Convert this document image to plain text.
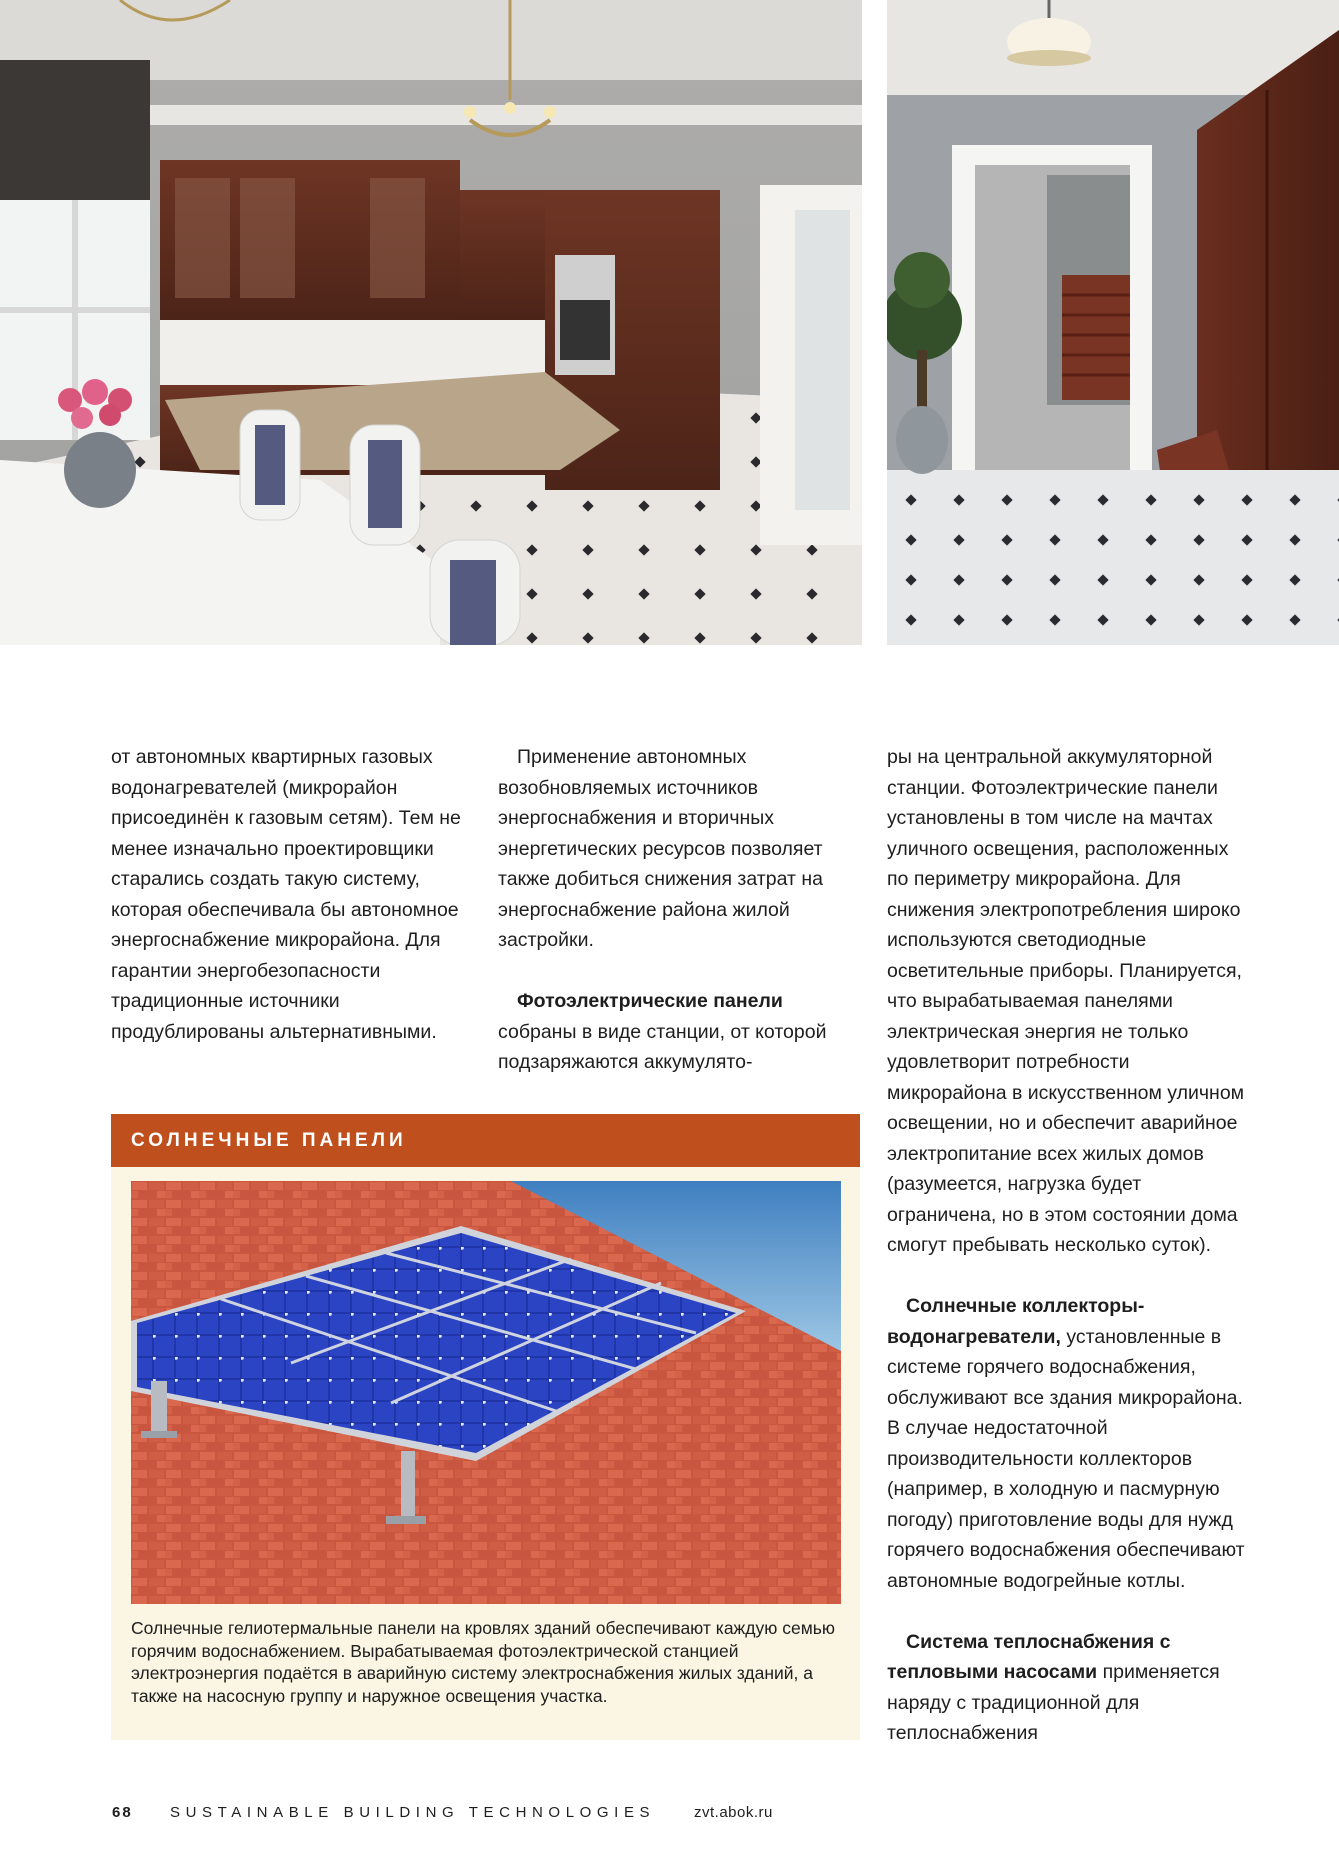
от автономных квартирных газовых водонагревателей (микрорайон присоединён к газовым сетям). Тем не менее изначально проектировщики старались создать такую систему, которая обеспечивала бы автономное энергоснабжение микрорайона. Для гарантии энергобезопасности традиционные источники продублированы альтернативными.

Применение автономных возобновляемых источников энергоснабжения и вторичных энергетических ресурсов позволяет также добиться снижения затрат на энергоснабжение района жилой застройки.

Фотоэлектрические панели собраны в виде станции, от которой подзаряжаются аккумулято-

ры на центральной аккумуляторной станции. Фотоэлектрические панели установлены в том числе на мачтах уличного освещения, расположенных по периметру микрорайона. Для снижения электропотребления широко используются светодиодные осветительные приборы. Планируется, что вырабатываемая панелями электрическая энергия не только удовлетворит потребности микрорайона в искусственном уличном освещении, но и обеспечит аварийное электропитание всех жилых домов (разумеется, нагрузка будет ограничена, но в этом состоянии дома смогут пребывать несколько суток).

Солнечные коллекторы-водонагреватели, установленные в системе горячего водоснабжения, обслуживают все здания микрорайона. В случае недостаточной производительности коллекторов (например, в холодную и пасмурную погоду) приготовление воды для нужд горячего водоснабжения обеспечивают автономные водогрейные котлы.

Система теплоснабжения с тепловыми насосами применяется наряду с традиционной для теплоснабжения

СОЛНЕЧНЫЕ ПАНЕЛИ
Солнечные гелиотермальные панели на кровлях зданий обеспечивают каждую семью горячим водоснабжением. Вырабатываемая фотоэлектрической станцией электроэнергия подаётся в аварийную систему электроснабжения жилых зданий, а также на насосную группу и наружное освещения участка.
68 SUSTAINABLE BUILDING TECHNOLOGIES	zvt.abok.ru
